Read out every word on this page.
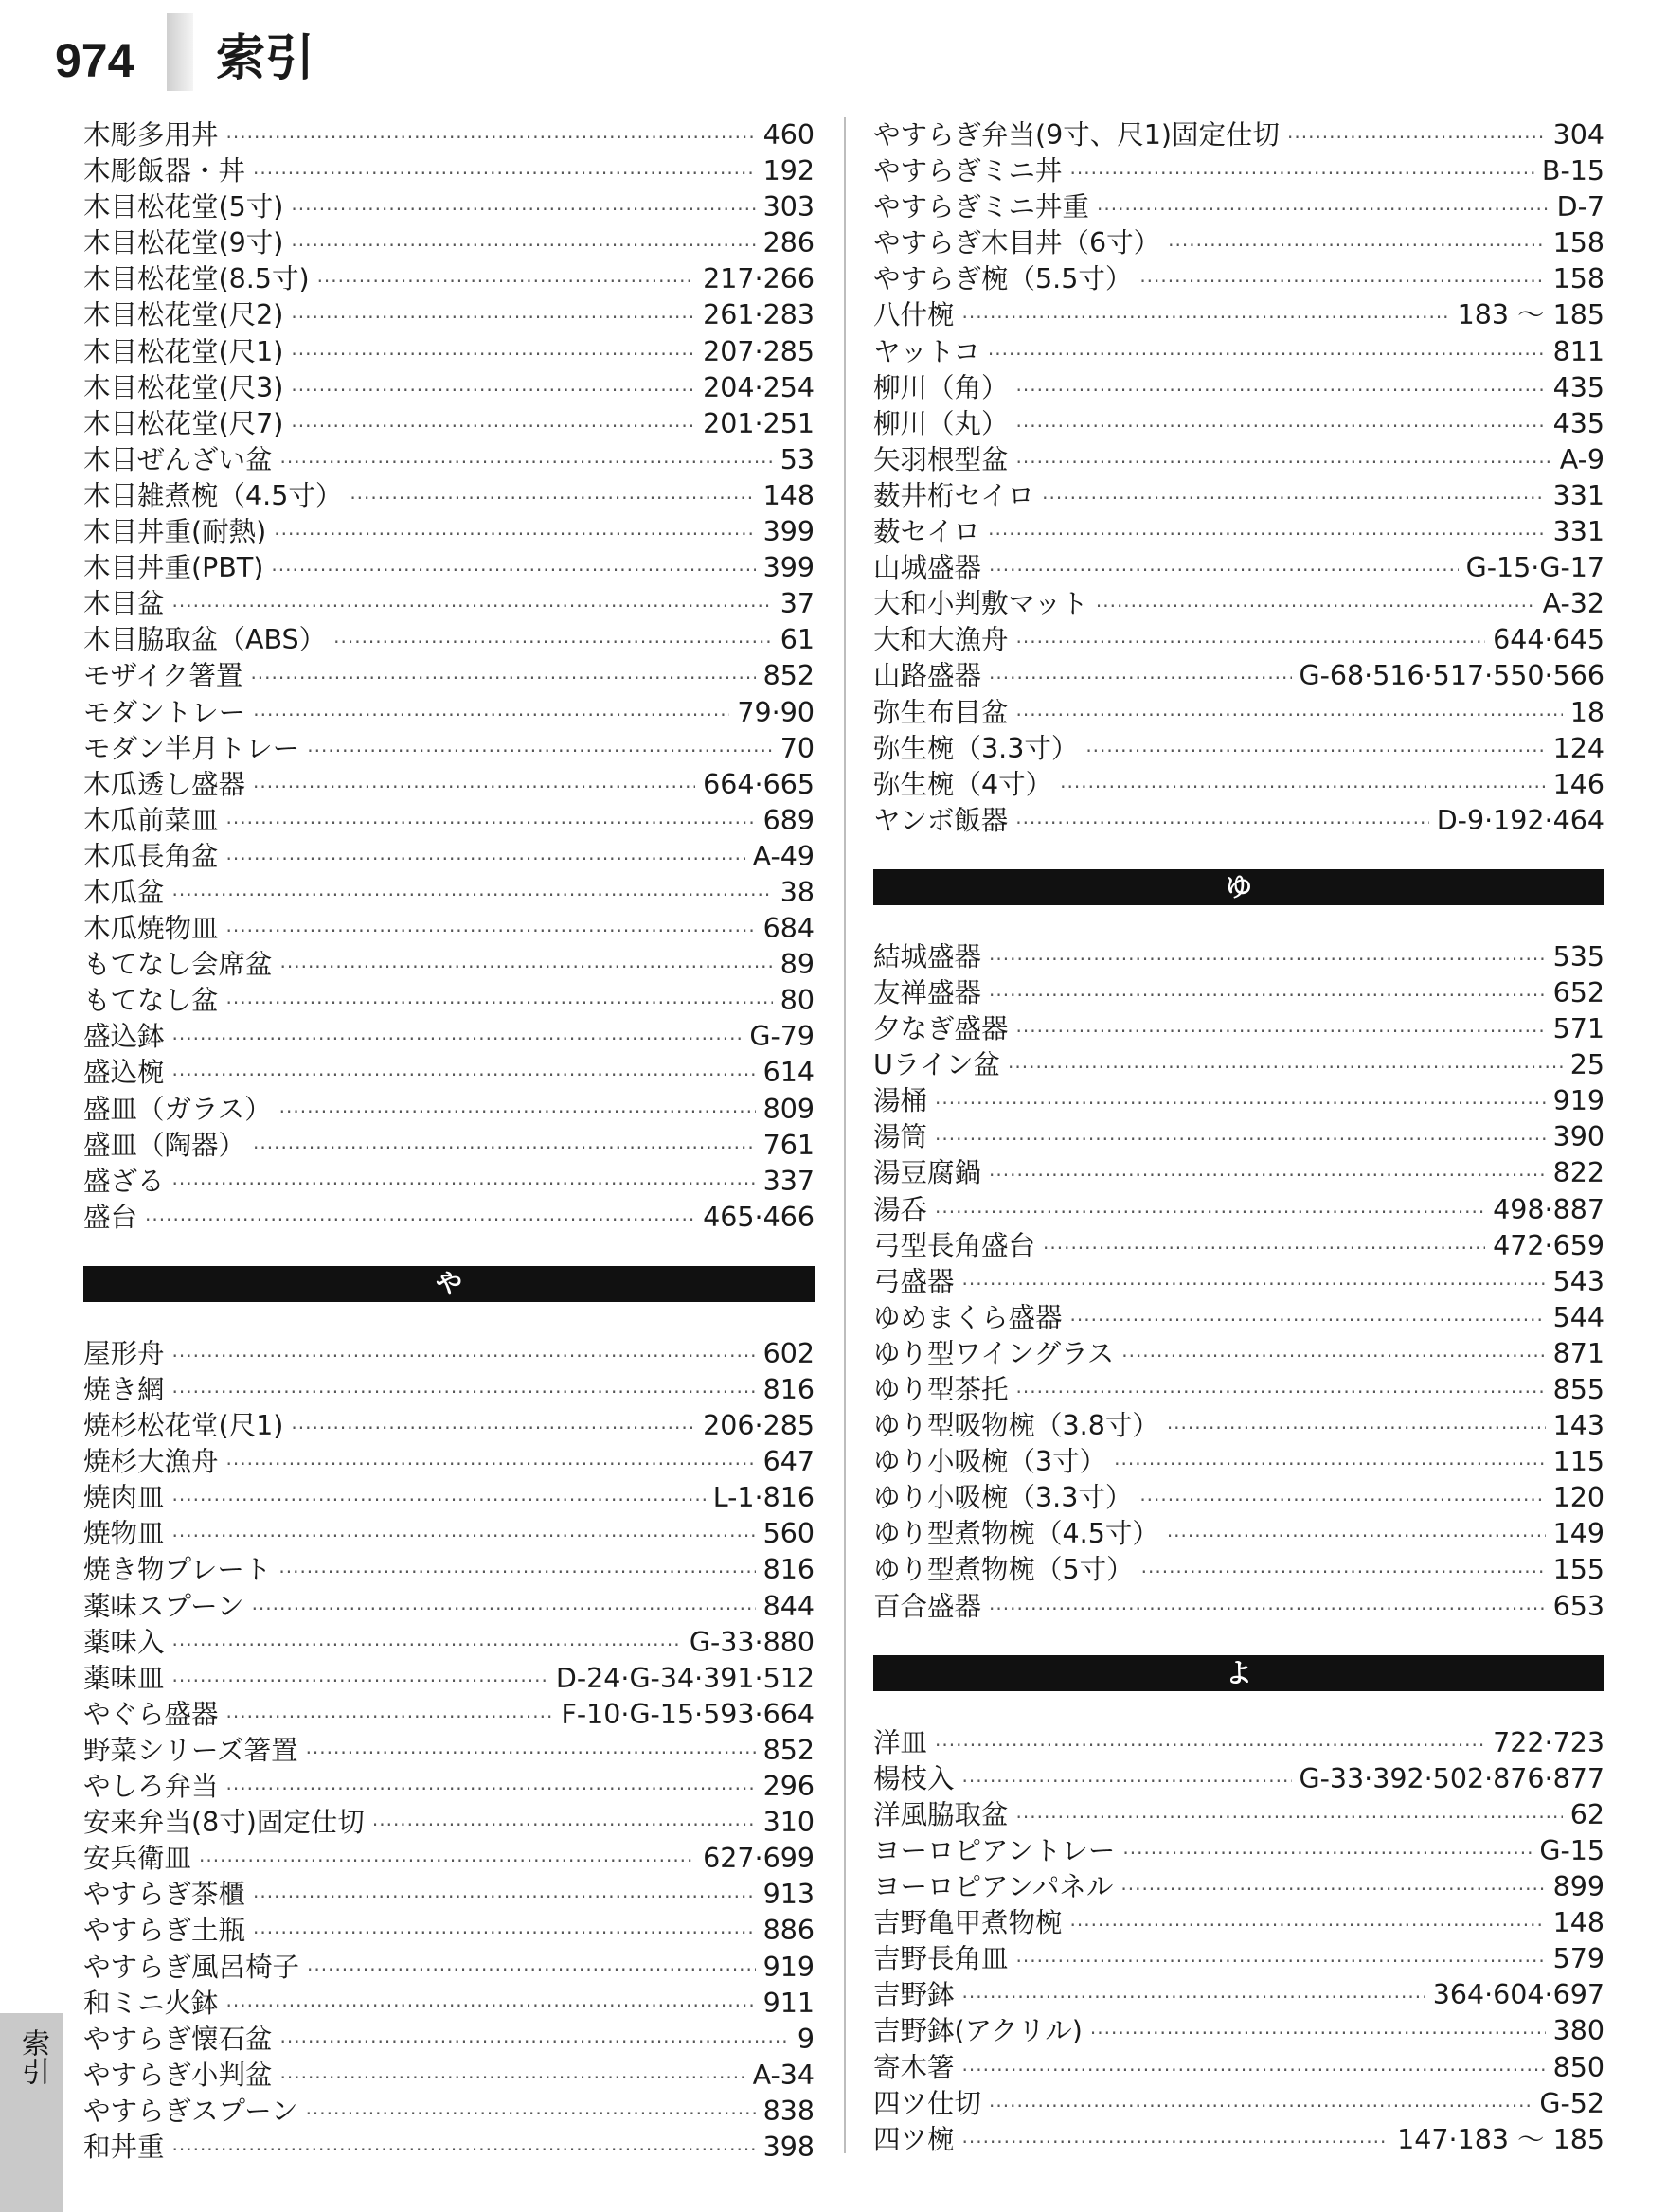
974 索引
木彫多用丼 ·····	460
木彫飯器・丼 ·····	192
木目松花堂(5寸) ·····	303
木目松花堂(9寸) ·····	286
木目松花堂(8.5寸) ·····	217·266
木目松花堂(尺2) ·····	261·283
木目松花堂(尺1) ·····	207·285
木目松花堂(尺3) ·····	204·254
木目松花堂(尺7) ·····	201·251
木目ぜんざい盆 ·····	53
木目雑煮椀（4.5寸） ·····	148
木目丼重(耐熱) ·····	399
木目丼重(PBT) ·····	399
木目盆 ·····	37
木目脇取盆（ABS） ·····	61
モザイク箸置 ·····	852
モダントレー ·····	79·90
モダン半月トレー ·····	70
木瓜透し盛器 ·····	664·665
木瓜前菜皿 ·····	689
木瓜長角盆 ·····	A-49
木瓜盆 ·····	38
木瓜焼物皿 ·····	684
もてなし会席盆 ·····	89
もてなし盆 ·····	80
盛込鉢 ·····	G-79
盛込椀 ·····	614
盛皿（ガラス） ·····	809
盛皿（陶器） ·····	761
盛ざる ·····	337
盛台 ·····	465·466
や
屋形舟 ·····	602
焼き網 ·····	816
焼杉松花堂(尺1) ·····	206·285
焼杉大漁舟 ·····	647
焼肉皿 ·····	L-1·816
焼物皿 ·····	560
焼き物プレート ·····	816
薬味スプーン ·····	844
薬味入 ·····	G-33·880
薬味皿 ·····	D-24·G-34·391·512
やぐら盛器 ·····	F-10·G-15·593·664
野菜シリーズ箸置 ·····	852
やしろ弁当 ·····	296
安来弁当(8寸)固定仕切 ·····	310
安兵衛皿 ·····	627·699
やすらぎ茶櫃 ·····	913
やすらぎ土瓶 ·····	886
やすらぎ風呂椅子 ·····	919
和ミニ火鉢 ·····	911
やすらぎ懐石盆 ·····	9
やすらぎ小判盆 ·····	A-34
やすらぎスプーン ·····	838
和丼重 ·····	398
やすらぎ弁当(9寸、尺1)固定仕切 ·····	304
やすらぎミニ丼 ·····	B-15
やすらぎミニ丼重 ·····	D-7
やすらぎ木目丼（6寸） ·····	158
やすらぎ椀（5.5寸） ·····	158
八什椀 ·····	183 ～ 185
ヤットコ ·····	811
柳川（角） ·····	435
柳川（丸） ·····	435
矢羽根型盆 ·····	A-9
薮井桁セイロ ·····	331
薮セイロ ·····	331
山城盛器 ·····	G-15·G-17
大和小判敷マット ·····	A-32
大和大漁舟 ·····	644·645
山路盛器 ·····	G-68·516·517·550·566
弥生布目盆 ·····	18
弥生椀（3.3寸） ·····	124
弥生椀（4寸） ·····	146
ヤンボ飯器 ·····	D-9·192·464
ゆ
結城盛器 ·····	535
友禅盛器 ·····	652
夕なぎ盛器 ·····	571
Uライン盆 ·····	25
湯桶 ·····	919
湯筒 ·····	390
湯豆腐鍋 ·····	822
湯呑 ·····	498·887
弓型長角盛台 ·····	472·659
弓盛器 ·····	543
ゆめまくら盛器 ·····	544
ゆり型ワイングラス ·····	871
ゆり型茶托 ·····	855
ゆり型吸物椀（3.8寸） ·····	143
ゆり小吸椀（3寸） ·····	115
ゆり小吸椀（3.3寸） ·····	120
ゆり型煮物椀（4.5寸） ·····	149
ゆり型煮物椀（5寸） ·····	155
百合盛器 ·····	653
よ
洋皿 ·····	722·723
楊枝入 ·····	G-33·392·502·876·877
洋風脇取盆 ·····	62
ヨーロピアントレー ·····	G-15
ヨーロピアンパネル ·····	899
吉野亀甲煮物椀 ·····	148
吉野長角皿 ·····	579
吉野鉢 ·····	364·604·697
吉野鉢(アクリル) ·····	380
寄木箸 ·····	850
四ツ仕切 ·····	G-52
四ツ椀 ·····	147·183 ～ 185
索引
